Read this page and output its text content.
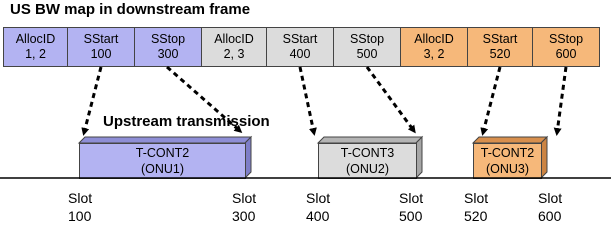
US BW map in downstream frame
AllocID
1, 2
SStart
100
SStop
300
AllocID
2, 3
SStart
400
SStop
500
AllocID
3, 2
SStart
520
SStop
600
Upstream transmission
T-CONT2
(ONU1)
T-CONT3
(ONU2)
T-CONT2
(ONU3)
Slot
100
Slot
300
Slot
400
Slot
500
Slot
520
Slot
600
